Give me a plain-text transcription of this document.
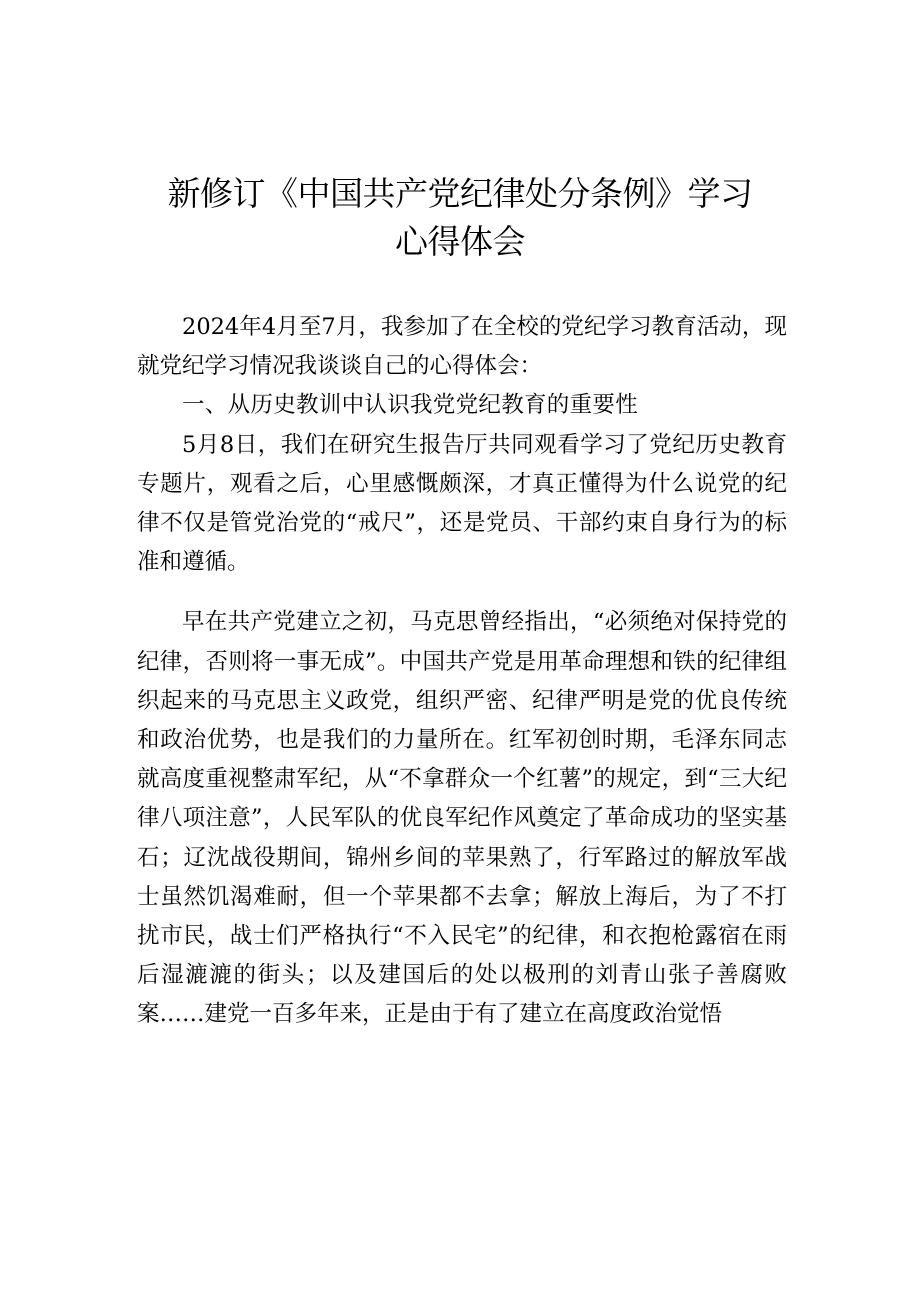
新修订《中国共产党纪律处分条例》学习
心得体会

2024年4月至7月，我参加了在全校的党纪学习教育活动，现就党纪学习情况我谈谈自己的心得体会：

一、从历史教训中认识我党党纪教育的重要性

5月8日，我们在研究生报告厅共同观看学习了党纪历史教育专题片，观看之后，心里感慨颇深，才真正懂得为什么说党的纪律不仅是管党治党的“戒尺”，还是党员、干部约束自身行为的标准和遵循。

早在共产党建立之初，马克思曾经指出，“必须绝对保持党的纪律，否则将一事无成”。中国共产党是用革命理想和铁的纪律组织起来的马克思主义政党，组织严密、纪律严明是党的优良传统和政治优势，也是我们的力量所在。红军初创时期，毛泽东同志就高度重视整肃军纪，从“不拿群众一个红薯”的规定，到“三大纪律八项注意”，人民军队的优良军纪作风奠定了革命成功的坚实基石；辽沈战役期间，锦州乡间的苹果熟了，行军路过的解放军战士虽然饥渴难耐，但一个苹果都不去拿；解放上海后，为了不打扰市民，战士们严格执行“不入民宅”的纪律，和衣抱枪露宿在雨后湿漉漉的街头；以及建国后的处以极刑的刘青山张子善腐败案……建党一百多年来，正是由于有了建立在高度政治觉悟
